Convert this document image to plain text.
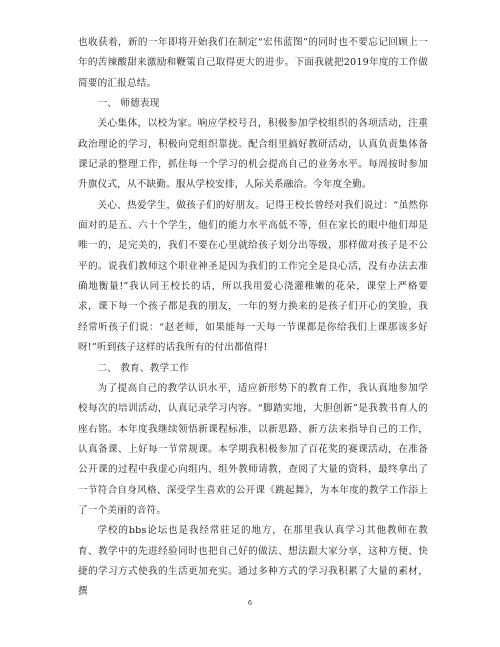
也收获着，新的一年即将开始我们在制定“宏伟蓝图”的同时也不要忘记回顾上一年的苦辣酸甜来激励和鞭策自己取得更大的进步。下面我就把2019年度的工作做简要的汇报总结。

一、 师德表现

关心集体，以校为家。响应学校号召，积极参加学校组织的各项活动，注重政治理论的学习，积极向党组织靠拢。配合组里搞好教研活动，认真负责集体备课记录的整理工作，抓住每一个学习的机会提高自己的业务水平。每周按时参加升旗仪式，从不缺勤。服从学校安排，人际关系融洽。今年度全勤。

关心、热爱学生，做孩子们的好朋友。记得王校长曾经对我们说过：“虽然你面对的是五、六十个学生，他们的能力水平高低不等，但在家长的眼中他们却是唯一的，是完美的，我们不要在心里就给孩子划分出等级，那样做对孩子是不公平的。说我们教师这个职业神圣是因为我们的工作完全是良心活，没有办法去准确地衡量!”我认同王校长的话，所以我用爱心浇灌稚嫩的花朵，课堂上严格要求，课下每一个孩子都是我的朋友，一年的努力换来的是孩子们开心的笑脸，我经常听孩子们说：“赵老师，如果能每一天每一节课都是你给我们上课那该多好呀!”听到孩子这样的话我所有的付出都值得!

二、 教育、教学工作

为了提高自己的教学认识水平，适应新形势下的教育工作，我认真地参加学校每次的培训活动，认真记录学习内容。“脚踏实地，大胆创新”是我教书育人的座右铭。本年度我继续领悟新课程标准，以新思路、新方法来指导自己的工作，认真备课、上好每一节常规课。本学期我积极参加了百花奖的赛课活动，在准备公开课的过程中我虚心向组内、组外教师请教，查阅了大量的资料，最终拿出了一节符合自身风格、深受学生喜欢的公开课《跳起舞》，为本年度的教学工作添上了一个美丽的音符。

学校的bbs论坛也是我经常驻足的地方，在那里我认真学习其他教师在教育、教学中的先进经验同时也把自己好的做法、想法跟大家分享，这种方便、快捷的学习方式使我的生活更加充实。通过多种方式的学习我积累了大量的素材，撰

6
